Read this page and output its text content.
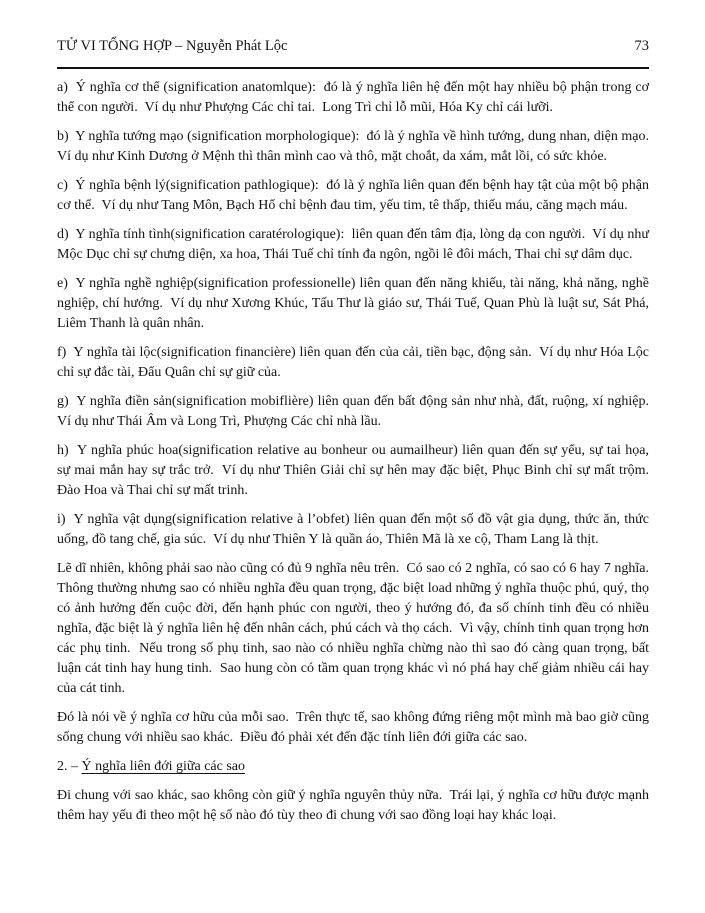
TỬ VI TỔNG HỢP – Nguyễn Phát Lộc	73

a)  Ý nghĩa cơ thể (signification anatomlque):  đó là ý nghĩa liên hệ đến một hay nhiều bộ phận trong cơ thể con người.  Ví dụ như Phượng Các chỉ tai.  Long Trì chỉ lỗ mũi, Hóa Ky chỉ cái lưỡi.

b)  Y nghĩa tướng mạo (signification morphologique):  đó là ý nghĩa về hình tướng, dung nhan, diện mạo.  Ví dụ như Kinh Dương ở Mệnh thì thân mình cao và thô, mặt choắt, da xám, mắt lồi, có sức khỏe.

c)  Ý nghĩa bệnh lý(signification pathlogique):  đó là ý nghĩa liên quan đến bệnh hay tật của một bộ phận cơ thể.  Ví dụ như Tang Môn, Bạch Hổ chỉ bệnh đau tim, yếu tim, tê thấp, thiếu máu, căng mạch máu.

d)  Y nghĩa tính tình(signification caratérologique):  liên quan đến tâm địa, lòng dạ con người.  Ví dụ như Mộc Dục chỉ sự chưng diện, xa hoa, Thái Tuế chỉ tính đa ngôn, ngồi lê đôi mách, Thai chỉ sự dâm dục.

e)  Y nghĩa nghề nghiệp(signification professionelle) liên quan đến năng khiếu, tài năng, khả năng, nghề nghiệp, chí hướng.  Ví dụ như Xương Khúc, Tấu Thư là giáo sư, Thái Tuế, Quan Phù là luật sư, Sát Phá, Liêm Thanh là quân nhân.

f)  Y nghĩa tài lộc(signification financière) liên quan đến của cải, tiền bạc, động sản.  Ví dụ như Hóa Lộc chỉ sự đắc tài, Đẩu Quân chỉ sự giữ của.

g)  Y nghĩa điền sản(signification mobiflière) liên quan đến bất động sản như nhà, đất, ruộng, xí nghiệp.  Ví dụ như Thái Âm và Long Trì, Phượng Các chỉ nhà lầu.

h)  Y nghĩa phúc hoa(signification relative au bonheur ou aumailheur) liên quan đến sự yểu, sự tai họa, sự mai mắn hay sự trắc trở.  Ví dụ như Thiên Giải chỉ sự hên may đặc biệt, Phục Binh chỉ sự mất trộm.  Đào Hoa và Thai chỉ sự mất trinh.

i)  Y nghĩa vật dụng(signification relative à l’obfet) liên quan đến một số đồ vật gia dụng, thức ăn, thức uống, đồ tang chế, gia súc.  Ví dụ như Thiên Y là quần áo, Thiên Mã là xe cộ, Tham Lang là thịt.

Lẽ dĩ nhiên, không phải sao nào cũng có đủ 9 nghĩa nêu trên.  Có sao có 2 nghĩa, có sao có 6 hay 7 nghĩa.  Thông thường nhưng sao có nhiều nghĩa đều quan trọng, đặc biệt load những ý nghĩa thuộc phú, quý, thọ có ảnh hưởng đến cuộc đời, đến hạnh phúc con người, theo ý hướng đó, đa số chính tinh đều có nhiều nghĩa, đặc biệt là ý nghĩa liên hệ đến nhân cách, phú cách và thọ cách.  Vì vậy, chính tinh quan trọng hơn các phụ tinh.  Nếu trong số phụ tinh, sao nào có nhiều nghĩa chừng nào thì sao đó càng quan trọng, bất luận cát tinh hay hung tinh.  Sao hung còn có tầm quan trọng khác vì nó phá hay chế giảm nhiều cái hay của cát tinh.

Đó là nói về ý nghĩa cơ hữu của mỗi sao.  Trên thực tế, sao không đứng riêng một mình mà bao giờ cũng sống chung với nhiều sao khác.  Điều đó phải xét đến đặc tính liên đới giữa các sao.

2. – Ý nghĩa liên đới giữa các sao

Đi chung với sao khác, sao không còn giữ ý nghĩa nguyên thủy nữa.  Trái lại, ý nghĩa cơ hữu được mạnh thêm hay yếu đi theo một hệ số nào đó tùy theo đi chung với sao đồng loại hay khác loại.
